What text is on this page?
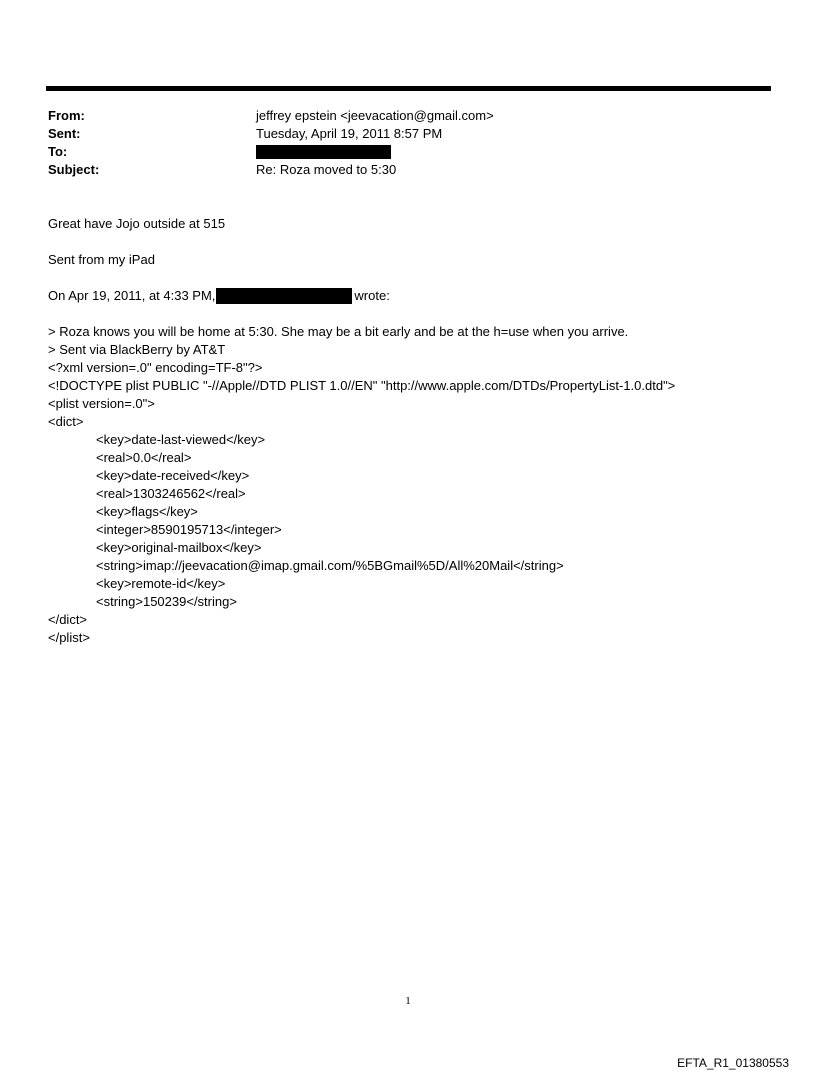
From:	jeffrey epstein <jeevacation@gmail.com>
Sent:	Tuesday, April 19, 2011 8:57 PM
To:
Subject:	Re: Roza moved to 5:30
Great have Jojo outside at 515
Sent from my iPad
On Apr 19, 2011, at 4:33 PM,	wrote:
> Roza knows you will be home at 5:30. She may be a bit early and be at the h=use when you arrive.
> Sent via BlackBerry by AT&T
<?xml version=.0" encoding=TF-8"?>
<!DOCTYPE plist PUBLIC "-//Apple//DTD PLIST 1.0//EN" "http://www.apple.com/DTDs/PropertyList-1.0.dtd">
<plist version=.0">
<dict>
<key>date-last-viewed</key>
<real>0.0</real>
<key>date-received</key>
<real>1303246562</real>
<key>flags</key>
<integer>8590195713</integer>
<key>original-mailbox</key>
<string>imap://jeevacation@imap.gmail.com/%5BGmail%5D/All%20Mail</string>
<key>remote-id</key>
<string>150239</string>
</dict>
</plist>
1
EFTA_R1_01380553
